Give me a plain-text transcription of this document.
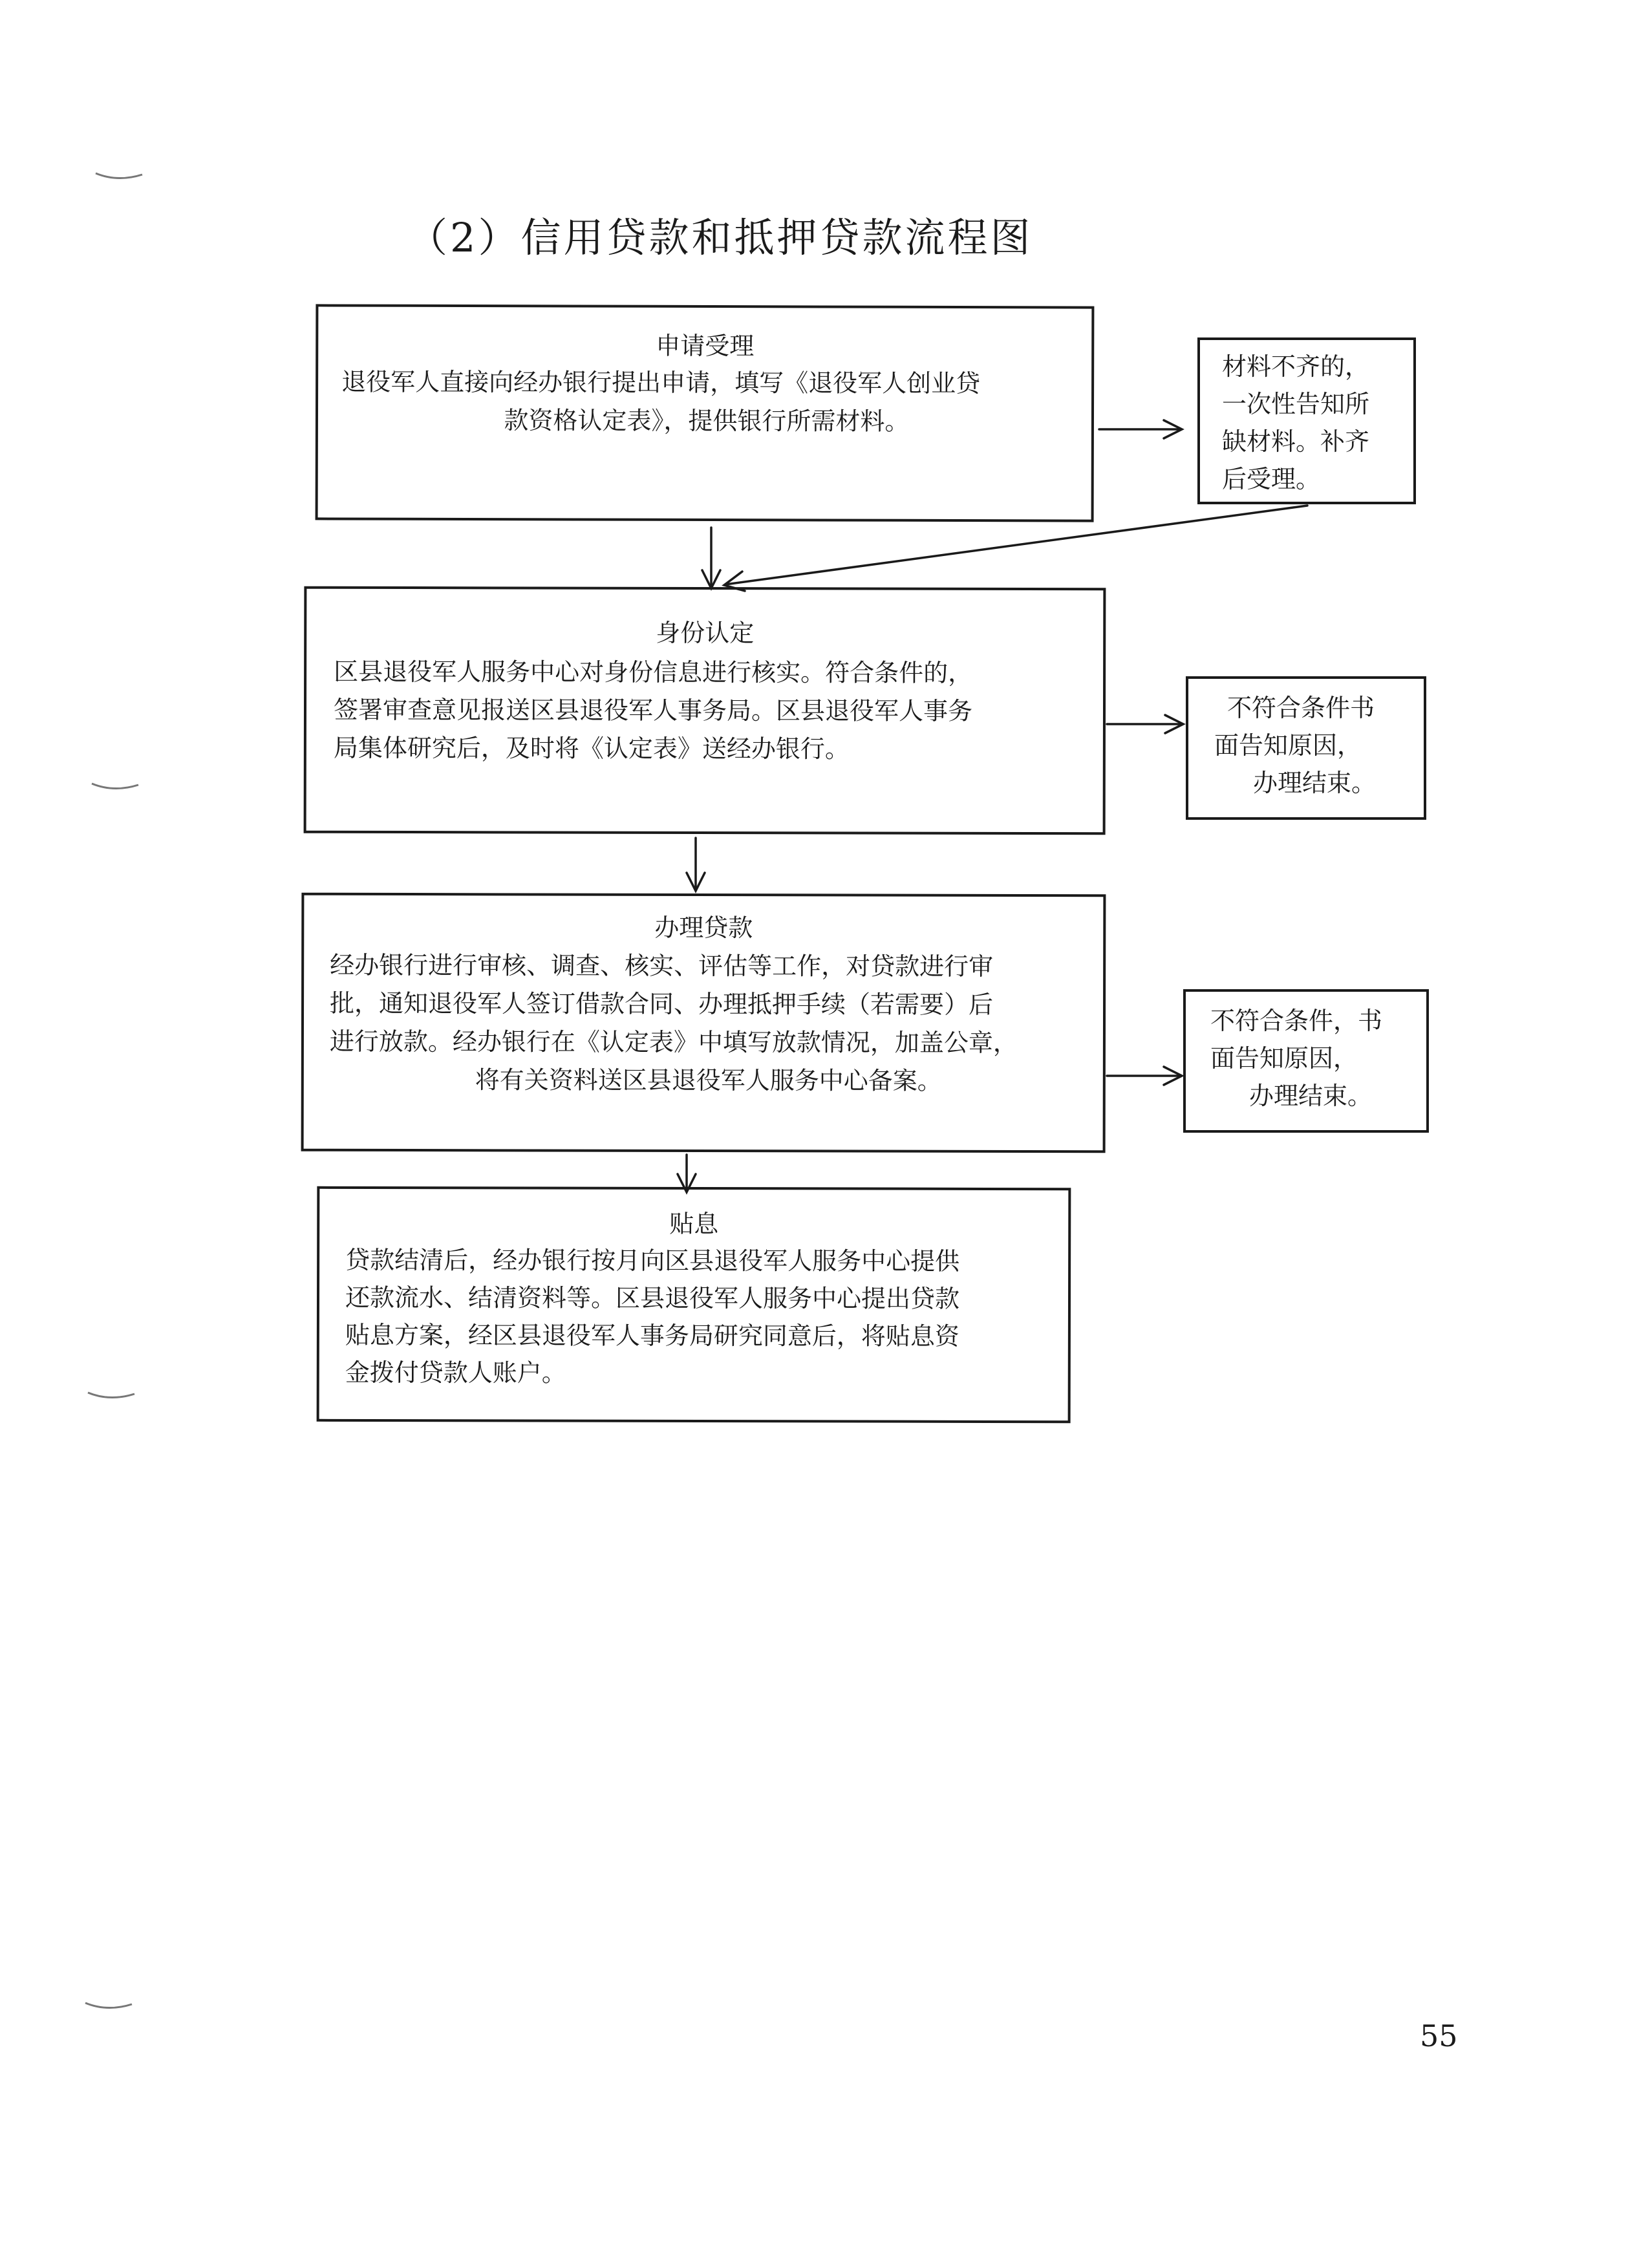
（2）信用贷款和抵押贷款流程图
申请受理
退役军人直接向经办银行提出申请，填写《退役军人创业贷
款资格认定表》，提供银行所需材料。
材料不齐的，
一次性告知所
缺材料。补齐
后受理。
身份认定
区县退役军人服务中心对身份信息进行核实。符合条件的，
签署审查意见报送区县退役军人事务局。区县退役军人事务
局集体研究后，及时将《认定表》送经办银行。
不符合条件书
面告知原因，
办理结束。
办理贷款
经办银行进行审核、调查、核实、评估等工作，对贷款进行审
批，通知退役军人签订借款合同、办理抵押手续（若需要）后
进行放款。经办银行在《认定表》中填写放款情况，加盖公章，
将有关资料送区县退役军人服务中心备案。
不符合条件，书
面告知原因，
办理结束。
贴息
贷款结清后，经办银行按月向区县退役军人服务中心提供
还款流水、结清资料等。区县退役军人服务中心提出贷款
贴息方案，经区县退役军人事务局研究同意后，将贴息资
金拨付贷款人账户。
55
